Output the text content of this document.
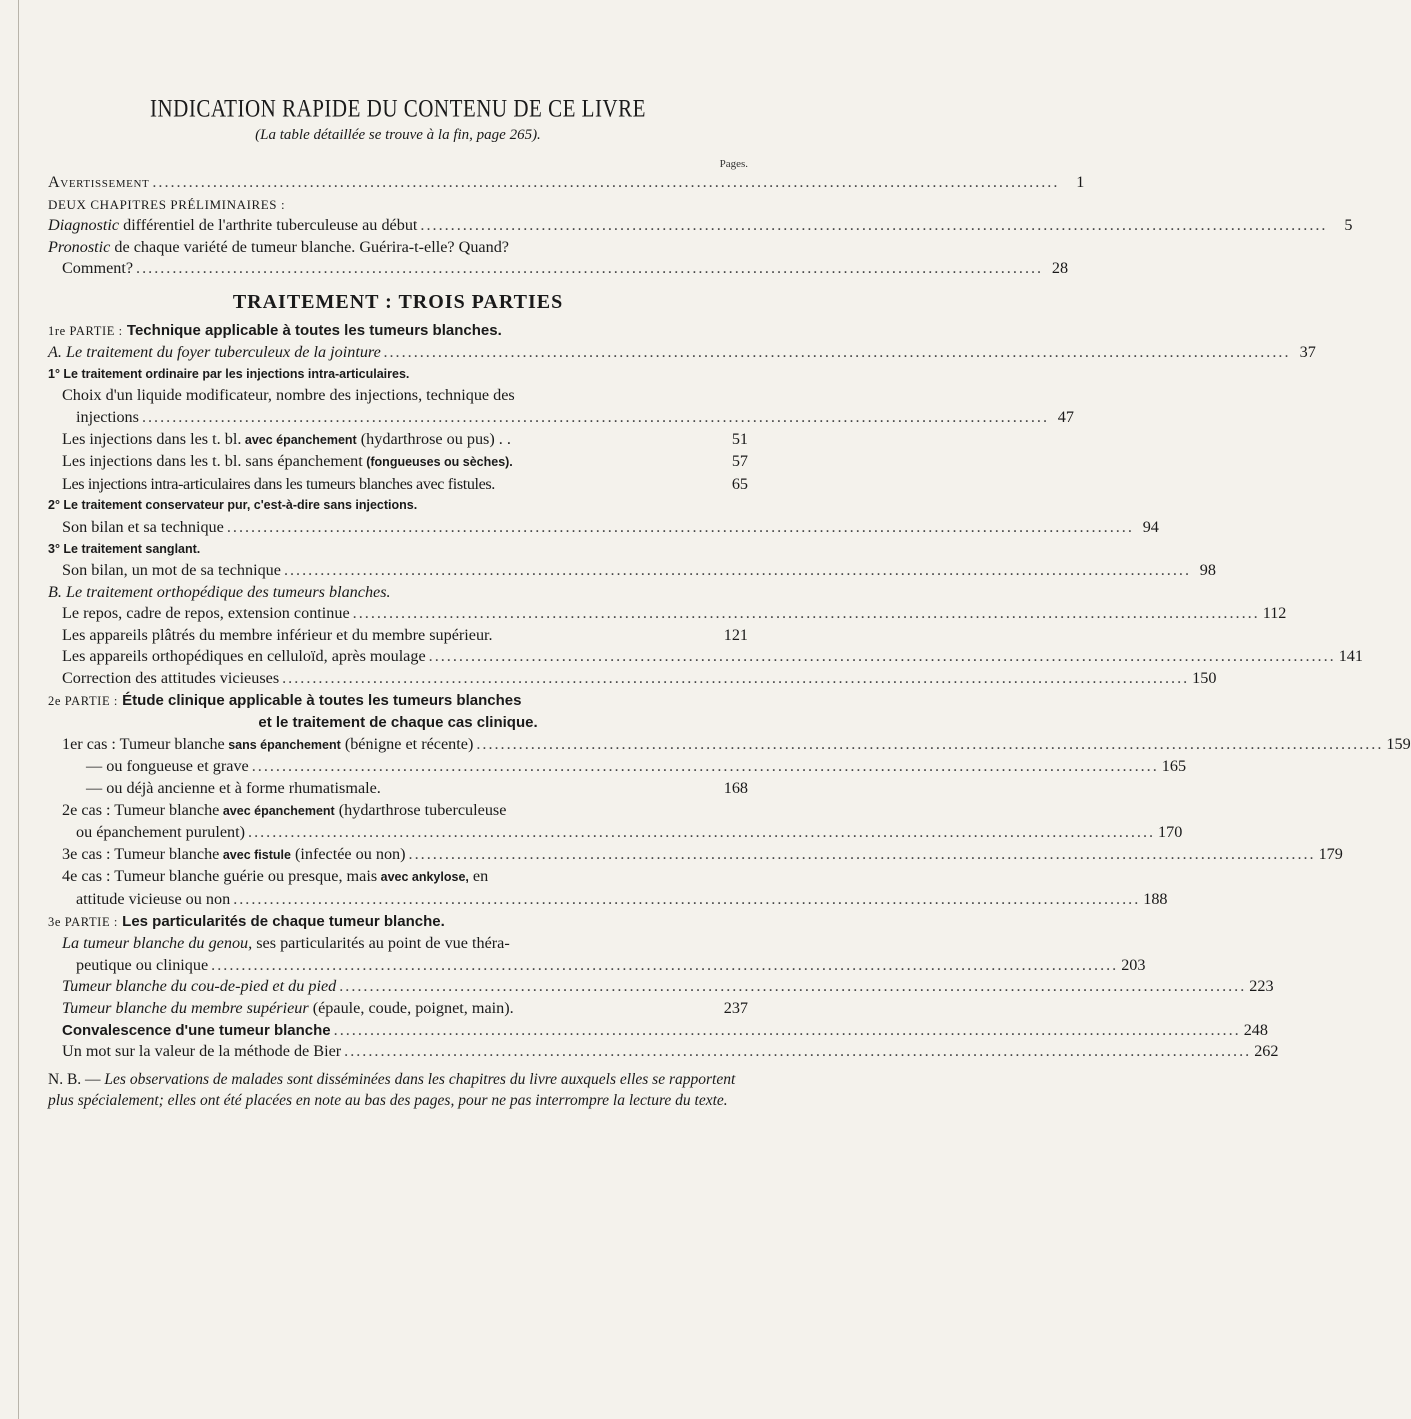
INDICATION RAPIDE DU CONTENU DE CE LIVRE
(La table détaillée se trouve à la fin, page 265).
Pages.
Avertissement .....	1
DEUX CHAPITRES PRÉLIMINAIRES :
Diagnostic différentiel de l'arthrite tuberculeuse au début .....	5
Pronostic de chaque variété de tumeur blanche. Guérira-t-elle? Quand?
Comment? .....	28
TRAITEMENT : TROIS PARTIES
1re PARTIE : Technique applicable à toutes les tumeurs blanches.
A. Le traitement du foyer tuberculeux de la jointure .....	37
1° Le traitement ordinaire par les injections intra-articulaires.
Choix d'un liquide modificateur, nombre des injections, technique des
injections .....	47
Les injections dans les t. bl. avec épanchement (hydarthrose ou pus) . .	51
Les injections dans les t. bl. sans épanchement (fongueuses ou sèches).	57
Les injections intra-articulaires dans les tumeurs blanches avec fistules.	65
2° Le traitement conservateur pur, c'est-à-dire sans injections.
Son bilan et sa technique .....	94
3° Le traitement sanglant.
Son bilan, un mot de sa technique .....	98
B. Le traitement orthopédique des tumeurs blanches.
Le repos, cadre de repos, extension continue .....	112
Les appareils plâtrés du membre inférieur et du membre supérieur.	121
Les appareils orthopédiques en celluloïd, après moulage .....	141
Correction des attitudes vicieuses .....	150
2e PARTIE : Étude clinique applicable à toutes les tumeurs blanches
et le traitement de chaque cas clinique.
1er cas : Tumeur blanche sans épanchement (bénigne et récente) .....	159
— ou fongueuse et grave .....	165
— ou déjà ancienne et à forme rhumatismale.	168
2e cas : Tumeur blanche avec épanchement (hydarthrose tuberculeuse
ou épanchement purulent) .....	170
3e cas : Tumeur blanche avec fistule (infectée ou non) .....	179
4e cas : Tumeur blanche guérie ou presque, mais avec ankylose, en
attitude vicieuse ou non .....	188
3e PARTIE : Les particularités de chaque tumeur blanche.
La tumeur blanche du genou, ses particularités au point de vue théra-
peutique ou clinique .....	203
Tumeur blanche du cou-de-pied et du pied .....	223
Tumeur blanche du membre supérieur (épaule, coude, poignet, main).	237
Convalescence d'une tumeur blanche .....	248
Un mot sur la valeur de la méthode de Bier .....	262
N. B. — Les observations de malades sont disséminées dans les chapitres du livre auxquels elles se rapportent plus spécialement; elles ont été placées en note au bas des pages, pour ne pas interrompre la lecture du texte.
